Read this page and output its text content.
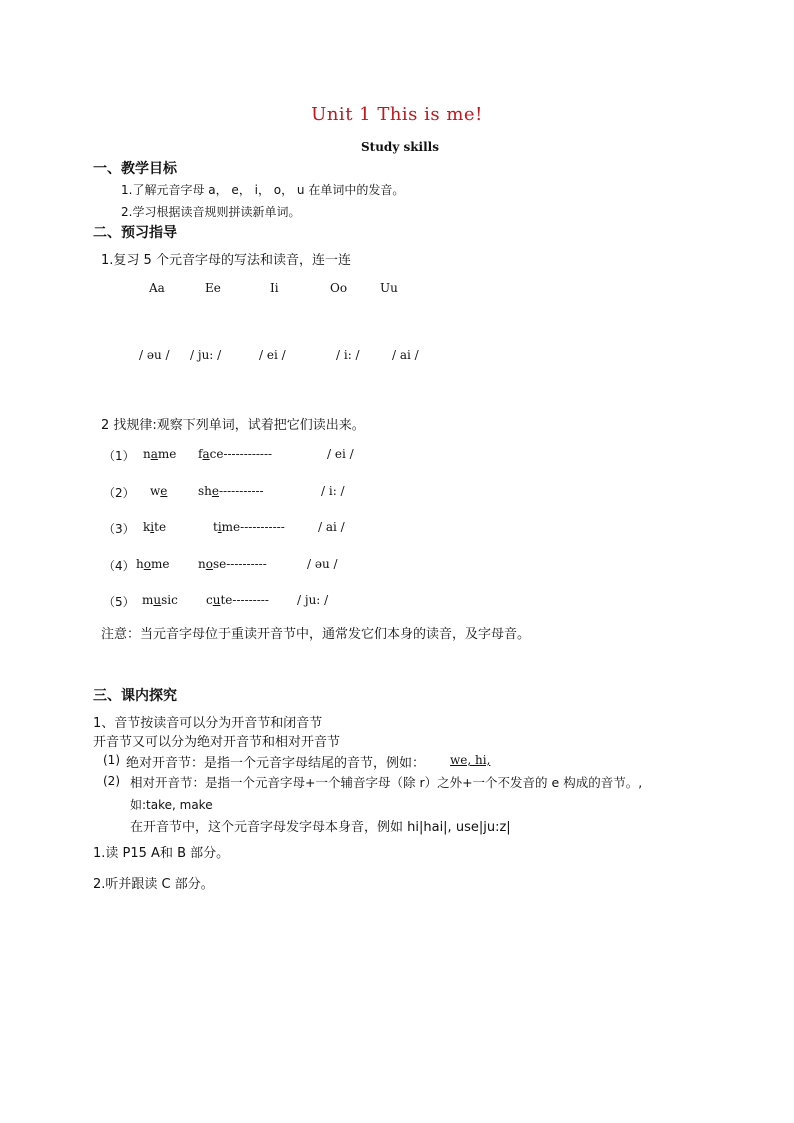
Unit 1 This is me!
Study skills
一、教学目标
1.了解元音字母 a， e， i， o， u 在单词中的发音。
2.学习根据读音规则拼读新单词。
二、预习指导
1.复习 5 个元音字母的写法和读音，连一连
Aa	Ee	Ii	Oo	Uu
/ əu / / ju: /	/ ei /	/ i: /	/ ai /
2 找规律:观察下列单词，试着把它们读出来。
（1） name face------------	/ ei /
（2） we	she-----------	/ i: /
（3） kite	time-----------	/ ai /
（4） home nose----------	/ əu /
（5） music cute--------- / ju: /
注意：当元音字母位于重读开音节中，通常发它们本身的读音，及字母音。
三、课内探究
1、音节按读音可以分为开音节和闭音节
开音节又可以分为绝对开音节和相对开音节
(1) 绝对开音节：是指一个元音字母结尾的音节，例如： we, hi,
(2) 相对开音节：是指一个元音字母+一个辅音字母（除 r）之外+一个不发音的 e 构成的音节。,
如:take, make
在开音节中，这个元音字母发字母本身音，例如 hi|hai|, use|ju:z|
1.读 P15 A和 B 部分。
2.听并跟读 C 部分。
